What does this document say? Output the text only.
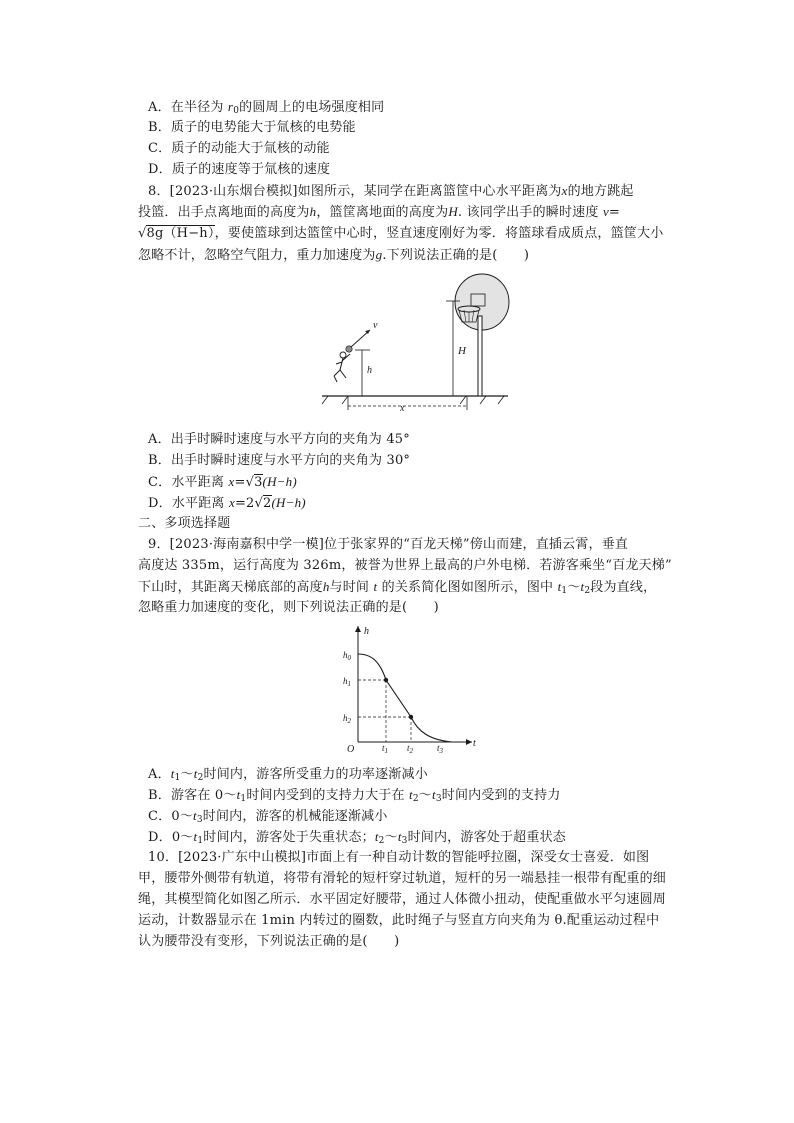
A．在半径为 $r_0$的圆周上的电场强度相同
B．质子的电势能大于氚核的电势能
C．质子的动能大于氚核的动能
D．质子的速度等于氚核的速度
8．[2023·山东烟台模拟]如图所示，某同学在距离篮筐中心水平距离为x的地方跳起
投篮．出手点离地面的高度为h，篮筐离地面的高度为H. 该同学出手的瞬时速度 v=
√8g（H−h），要使篮球到达篮筐中心时，竖直速度刚好为零．将篮球看成质点，篮筐大小
忽略不计，忽略空气阻力，重力加速度为g.下列说法正确的是(　　)
H
v
h
x
A．出手时瞬时速度与水平方向的夹角为 45°
B．出手时瞬时速度与水平方向的夹角为 30°
C．水平距离 x=√3(H−h)
D．水平距离 x=2√2(H−h)
二、多项选择题
9．[2023·海南嘉积中学一模]位于张家界的“百龙天梯”傍山而建，直插云霄，垂直
高度达 335m，运行高度为 326m，被誉为世界上最高的户外电梯．若游客乘坐“百龙天梯”
下山时，其距离天梯底部的高度h与时间 t 的关系简化图如图所示，图中 $t_1\sim t_2$段为直线，
忽略重力加速度的变化，则下列说法正确的是(　　)
h
t
O
$h_0$
$h_1$
$h_2$
$t_1$ $t_2$	$t_3$
A．$t_1\sim t_2$时间内，游客所受重力的功率逐渐减小
B．游客在 $0\sim t_1$时间内受到的支持力大于在 $t_2\sim t_3$时间内受到的支持力
C．$0\sim t_3$时间内，游客的机械能逐渐减小
D．$0\sim t_1$时间内，游客处于失重状态；$t_2\sim t_3$时间内，游客处于超重状态
10．[2023·广东中山模拟]市面上有一种自动计数的智能呼拉圈，深受女士喜爱．如图
甲，腰带外侧带有轨道，将带有滑轮的短杆穿过轨道，短杆的另一端悬挂一根带有配重的细
绳，其模型简化如图乙所示．水平固定好腰带，通过人体微小扭动，使配重做水平匀速圆周
运动，计数器显示在 1min 内转过的圈数，此时绳子与竖直方向夹角为 θ.配重运动过程中
认为腰带没有变形，下列说法正确的是(　　)
